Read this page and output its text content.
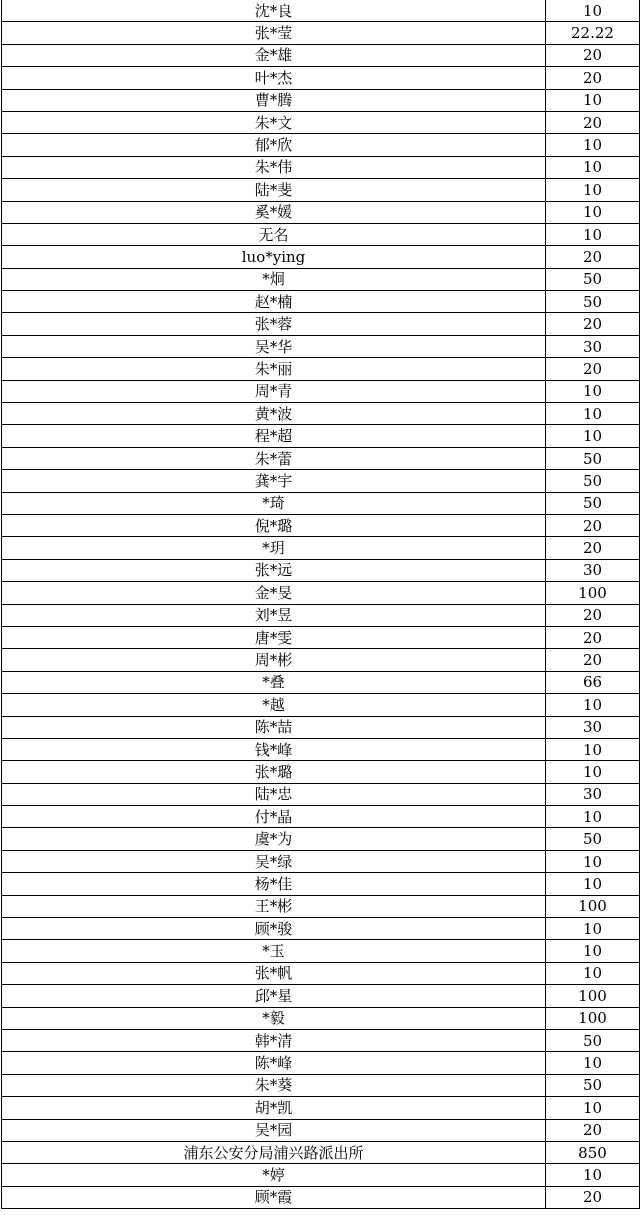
沈*良	10
张*莹	22.22
金*雄	20
叶*杰	20
曹*腾	10
朱*文	20
郁*欣	10
朱*伟	10
陆*斐	10
奚*媛	10
无名	10
luo*ying	20
*炯	50
赵*楠	50
张*蓉	20
吴*华	30
朱*丽	20
周*青	10
黄*波	10
程*超	10
朱*蕾	50
龚*宇	50
*琦	50
倪*璐	20
*玥	20
张*远	30
金*旻	100
刘*昱	20
唐*雯	20
周*彬	20
*叠	66
*越	10
陈*喆	30
钱*峰	10
张*璐	10
陆*忠	30
付*晶	10
虞*为	50
吴*绿	10
杨*佳	10
王*彬	100
顾*骏	10
*玉	10
张*帆	10
邱*星	100
*毅	100
韩*清	50
陈*峰	10
朱*葵	50
胡*凯	10
吴*园	20
浦东公安分局浦兴路派出所	850
*婷	10
顾*霞	20
